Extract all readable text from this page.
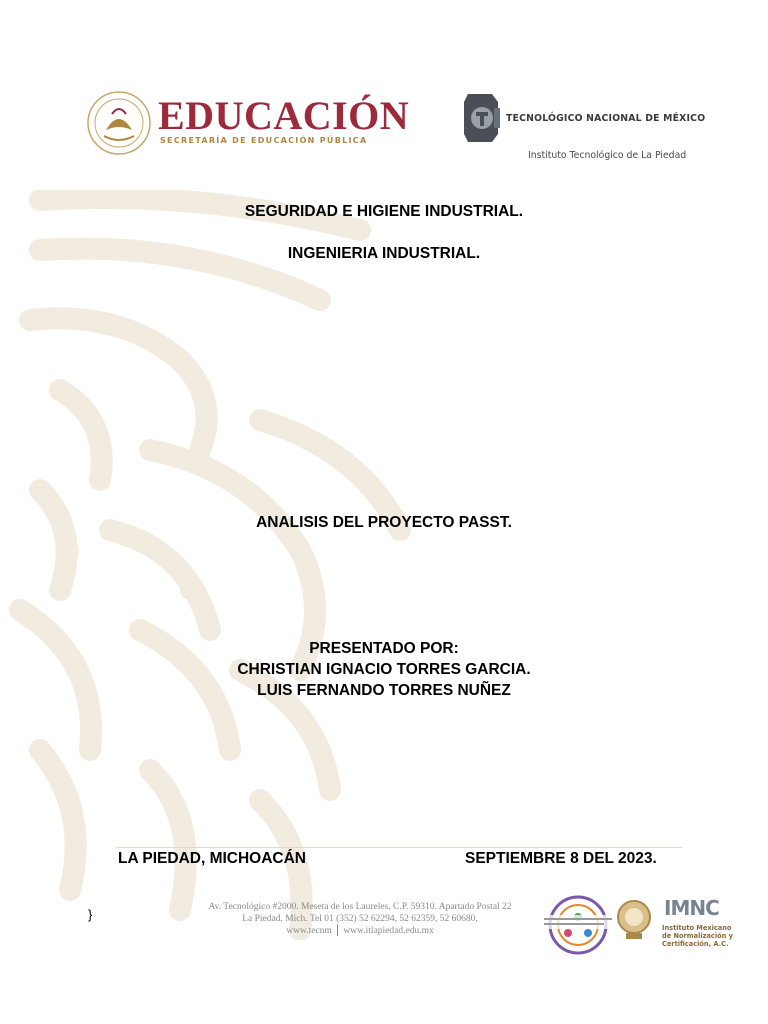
EDUCACIÓN
SECRETARÍA DE EDUCACIÓN PÚBLICA
TECNOLÓGICO NACIONAL DE MÉXICO
Instituto Tecnológico de La Piedad
SEGURIDAD E HIGIENE INDUSTRIAL.
INGENIERIA INDUSTRIAL.
ANALISIS DEL PROYECTO PASST.
PRESENTADO POR:
CHRISTIAN IGNACIO TORRES GARCIA.
LUIS FERNANDO TORRES NUÑEZ
LA PIEDAD, MICHOACÁN	SEPTIEMBRE 8 DEL 2023.
}	Av. Tecnológico #2000. Meseta de los Laureles, C.P. 59310. Apartado Postal 22
La Piedad, Mich. Tel 01 (352) 52 62294, 52 62359, 52 60680,
www.tecnm │ www.itlapiedad.edu.mx
IMNC
Instituto Mexicano
de Normalización y
Certificación, A.C.
